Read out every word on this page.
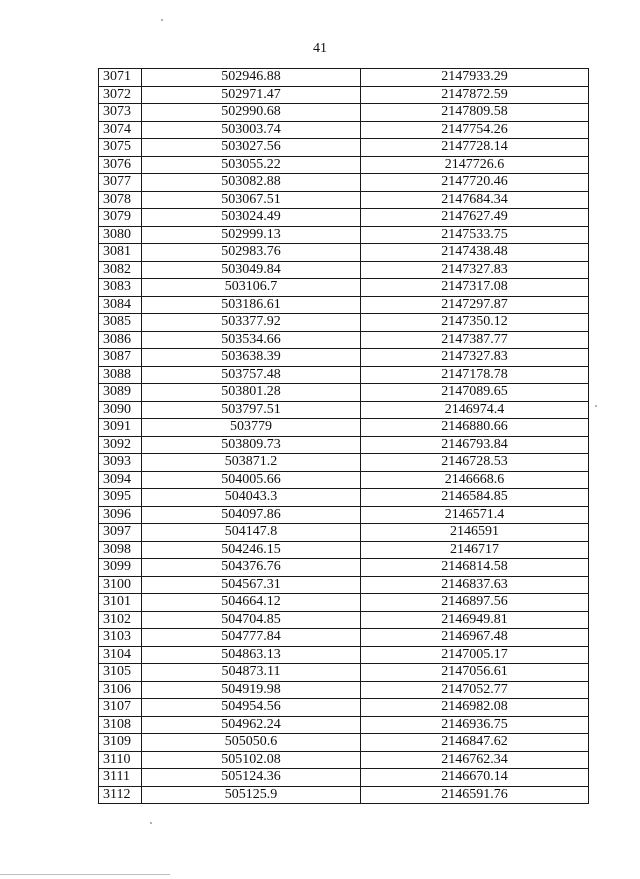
41
3071	502946.88	2147933.29
3072	502971.47	2147872.59
3073	502990.68	2147809.58
3074	503003.74	2147754.26
3075	503027.56	2147728.14
3076	503055.22	2147726.6
3077	503082.88	2147720.46
3078	503067.51	2147684.34
3079	503024.49	2147627.49
3080	502999.13	2147533.75
3081	502983.76	2147438.48
3082	503049.84	2147327.83
3083	503106.7	2147317.08
3084	503186.61	2147297.87
3085	503377.92	2147350.12
3086	503534.66	2147387.77
3087	503638.39	2147327.83
3088	503757.48	2147178.78
3089	503801.28	2147089.65
3090	503797.51	2146974.4
3091	503779	2146880.66
3092	503809.73	2146793.84
3093	503871.2	2146728.53
3094	504005.66	2146668.6
3095	504043.3	2146584.85
3096	504097.86	2146571.4
3097	504147.8	2146591
3098	504246.15	2146717
3099	504376.76	2146814.58
3100	504567.31	2146837.63
3101	504664.12	2146897.56
3102	504704.85	2146949.81
3103	504777.84	2146967.48
3104	504863.13	2147005.17
3105	504873.11	2147056.61
3106	504919.98	2147052.77
3107	504954.56	2146982.08
3108	504962.24	2146936.75
3109	505050.6	2146847.62
3110	505102.08	2146762.34
3111	505124.36	2146670.14
3112	505125.9	2146591.76
